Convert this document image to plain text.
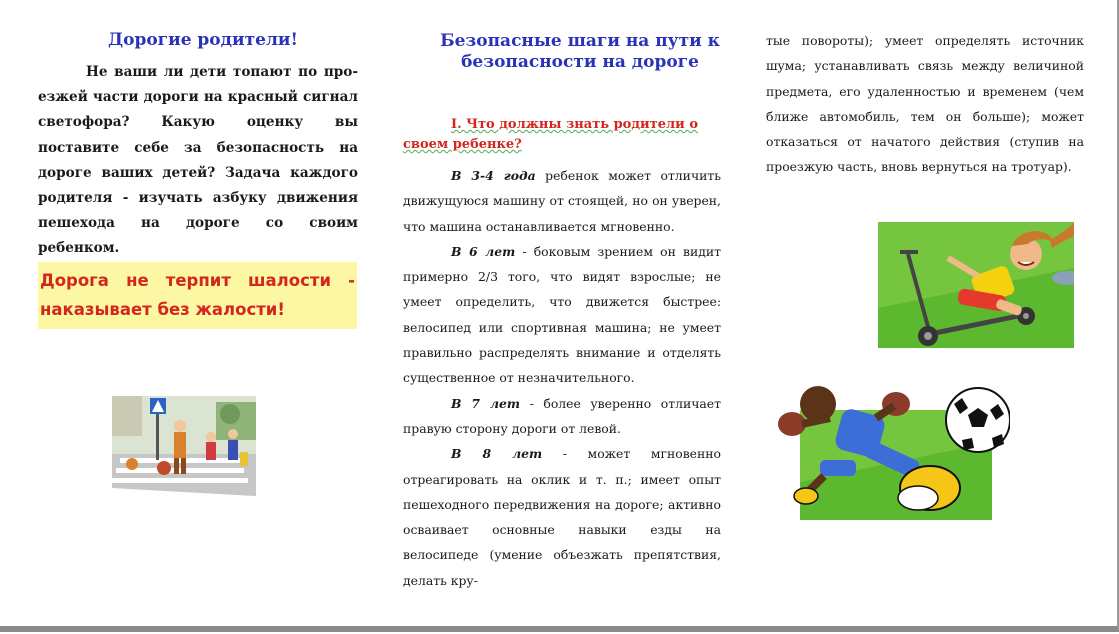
Дорогие родители!

Не ваши ли дети топают по про-езжей части дороги на красный сигнал светофора? Какую оценку вы поставите себе за безопасность на дороге ваших детей? Задача каждого родителя - изучать азбуку движения пешехода на дороге со своим ребенком.

Дорога не терпит шалости - наказывает без жалости!
Безопасные шаги на пути к безопасности на дороге

I. Что должны знать родители о своем ребенке?

В 3-4 года ребенок может отличить движущуюся машину от стоящей, но он уверен, что машина останавливается мгновенно.

В 6 лет - боковым зрением он видит примерно 2/3 того, что видят взрослые; не умеет определить, что движется быстрее: велосипед или спортивная машина; не умеет правильно распределять внимание и отделять существенное от незначительного.

В 7 лет - более уверенно отличает правую сторону дороги от левой.

В 8 лет - может мгновенно отреагировать на оклик и т. п.; имеет опыт пешеходного передвижения на дороге; активно осваивает основные навыки езды на велосипеде (умение объезжать препятствия, делать кру-

тые повороты); умеет определять источник шума; устанавливать связь между величиной предмета, его удаленностью и временем (чем ближе автомобиль, тем он больше); может отказаться от начатого действия (ступив на проезжую часть, вновь вернуться на тротуар).
